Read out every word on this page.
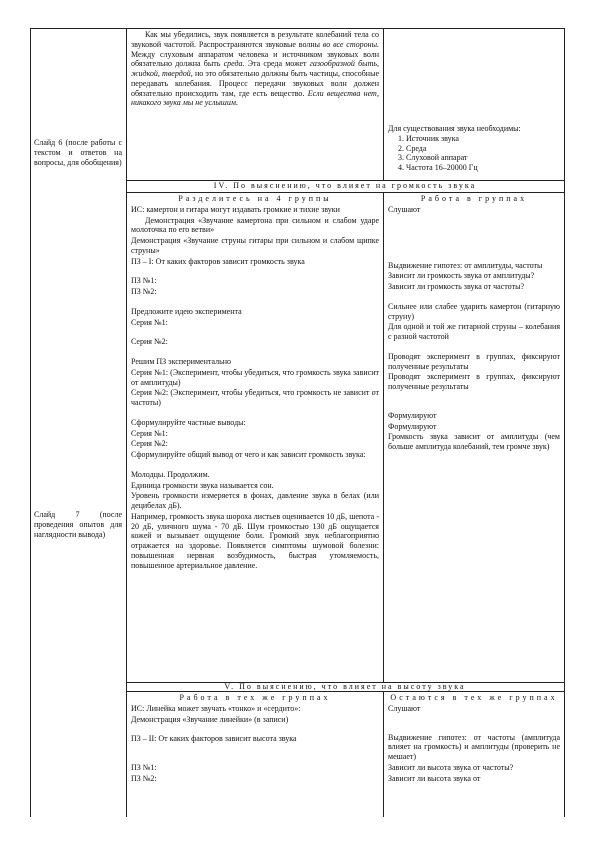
Как мы убедились, звук появляется в результате колебаний тела со звуковой частотой. Распространяются звуковые волны во все стороны. Между слуховым аппаратом человека и источником звуковых волн обязательно должна быть среда. Эта среда может газообразной быть, жидкой, твердой, но это обязательно должны быть частицы, способные передавать колебания. Процесс передачи звуковых волн должен обязательно происходить там, где есть вещество. Если вещества нет, никакого звука мы не услышим.
Слайд 6 (после работы с текстом и ответов на вопросы, для обобщения)
Для существования звука необходимы:
1. Источник звука
2. Среда
3. Слуховой аппарат
4. Частота 16–20000 Гц
IV. По выяснению, что влияет на громкость звука
Слайд 7 (после проведения опытов для наглядности вывода)
Разделитесь на 4 группы
ИС: камертон и гитара могут издавать громкие и тихие звуки
Демонстрация «Звучание камертона при сильном и слабом ударе молоточка по его ветви»
Демонстрация «Звучание струны гитары при сильном и слабом щипке струны»
ПЗ – I: От каких факторов зависит громкость звука
ПЗ №1:
ПЗ №2:
Предложите идею эксперимента
Серия №1:
Серия №2:
Решим ПЗ экспериментально
Серия №1: (Эксперимент, чтобы убедиться, что громкость звука зависит от амплитуды)
Серия №2: (Эксперимент, чтобы убедиться, что громкость не зависит от частоты)
Сформулируйте частные выводы:
Серия №1:
Серия №2:
Сформулируйте общий вывод от чего и как зависит громкость звука:
Молодцы. Продолжим.
Единица громкости звука называется сон.
Уровень громкости измеряется в фонах, давление звука в белах (или децибелах дБ).
Например, громкость звука шороха листьев оценивается 10 дБ, шепота - 20 дБ, уличного шума - 70 дБ. Шум громкостью 130 дБ ощущается кожей и вызывает ощущение боли. Громкий звук неблагоприятно отражается на здоровье. Появляется симптомы шумовой болезни: повышенная нервная возбудимость, быстрая утомляемость, повышенное артериальное давление.
Работа в группах
Слушают
Выдвижение гипотез: от амплитуды, частоты
Зависит ли громкость звука от амплитуды?
Зависит ли громкость звука от частоты?
Сильнее или слабее ударить камертон (гитарную струну)
Для одной и той же гитарной струны – колебания с разной частотой
Проводят эксперимент в группах, фиксируют полученные результаты
Проводят эксперимент в группах, фиксируют полученные результаты
Формулируют
Формулируют
Громкость звука зависит от амплитуды (чем больше амплитуда колебаний, тем громче звук)
V. По выяснению, что влияет на высоту звука
Работа в тех же группах
ИС: Линейка может звучать «тонко» и «сердито»:
Демонстрация «Звучание линейки» (в записи)
ПЗ – II: От каких факторов зависит высота звука
ПЗ №1:
ПЗ №2:
Остаются в тех же группах
Слушают
Выдвижение гипотез: от частоты (амплитуда влияет на громкость) и амплитуды (проверить не мешает)
Зависит ли высота звука от частоты?
Зависит ли высота звука от
